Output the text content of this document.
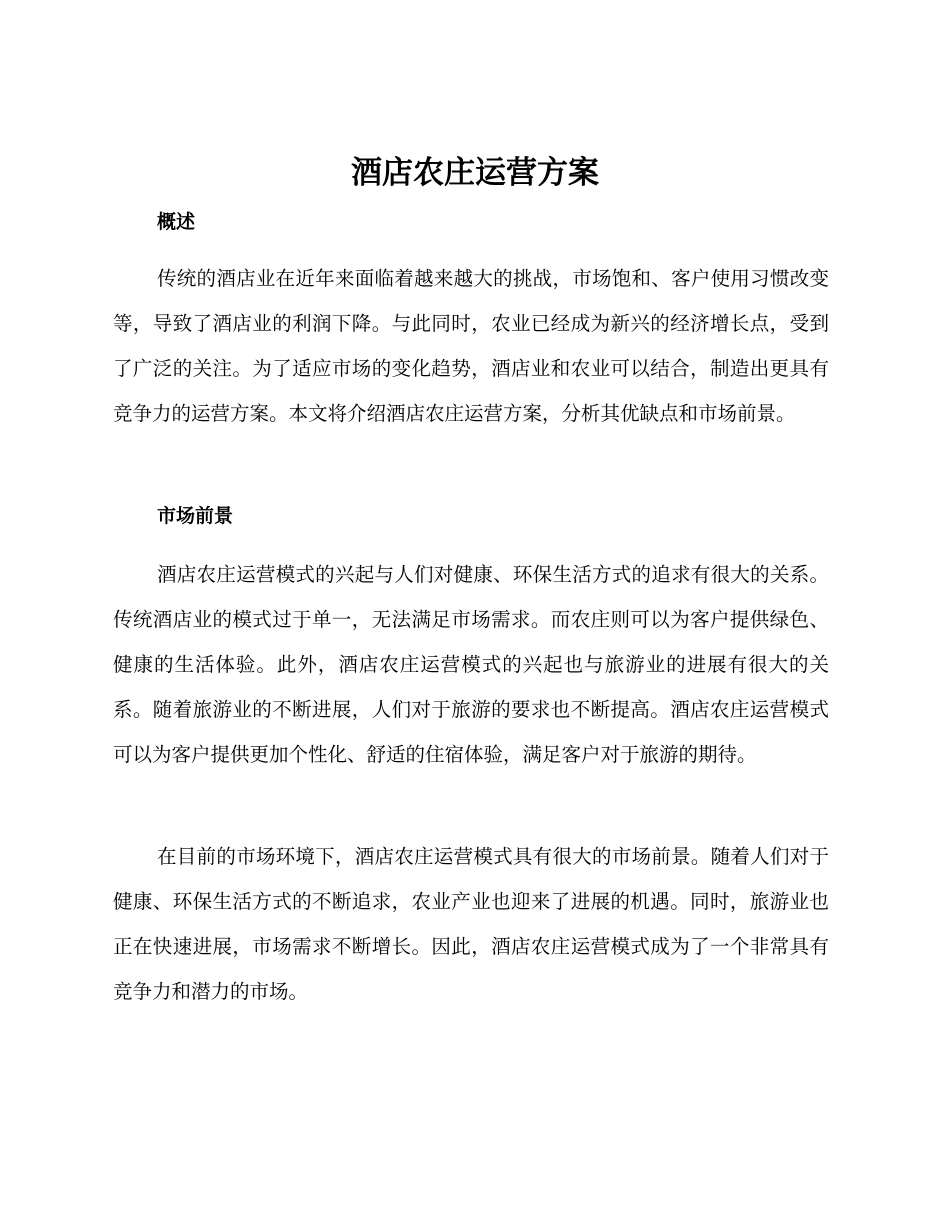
酒店农庄运营方案
概述

传统的酒店业在近年来面临着越来越大的挑战，市场饱和、客户使用习惯改变等，导致了酒店业的利润下降。与此同时，农业已经成为新兴的经济增长点，受到了广泛的关注。为了适应市场的变化趋势，酒店业和农业可以结合，制造出更具有竞争力的运营方案。本文将介绍酒店农庄运营方案，分析其优缺点和市场前景。

市场前景

酒店农庄运营模式的兴起与人们对健康、环保生活方式的追求有很大的关系。传统酒店业的模式过于单一，无法满足市场需求。而农庄则可以为客户提供绿色、健康的生活体验。此外，酒店农庄运营模式的兴起也与旅游业的进展有很大的关系。随着旅游业的不断进展，人们对于旅游的要求也不断提高。酒店农庄运营模式可以为客户提供更加个性化、舒适的住宿体验，满足客户对于旅游的期待。

在目前的市场环境下，酒店农庄运营模式具有很大的市场前景。随着人们对于健康、环保生活方式的不断追求，农业产业也迎来了进展的机遇。同时，旅游业也正在快速进展，市场需求不断增长。因此，酒店农庄运营模式成为了一个非常具有竞争力和潜力的市场。
